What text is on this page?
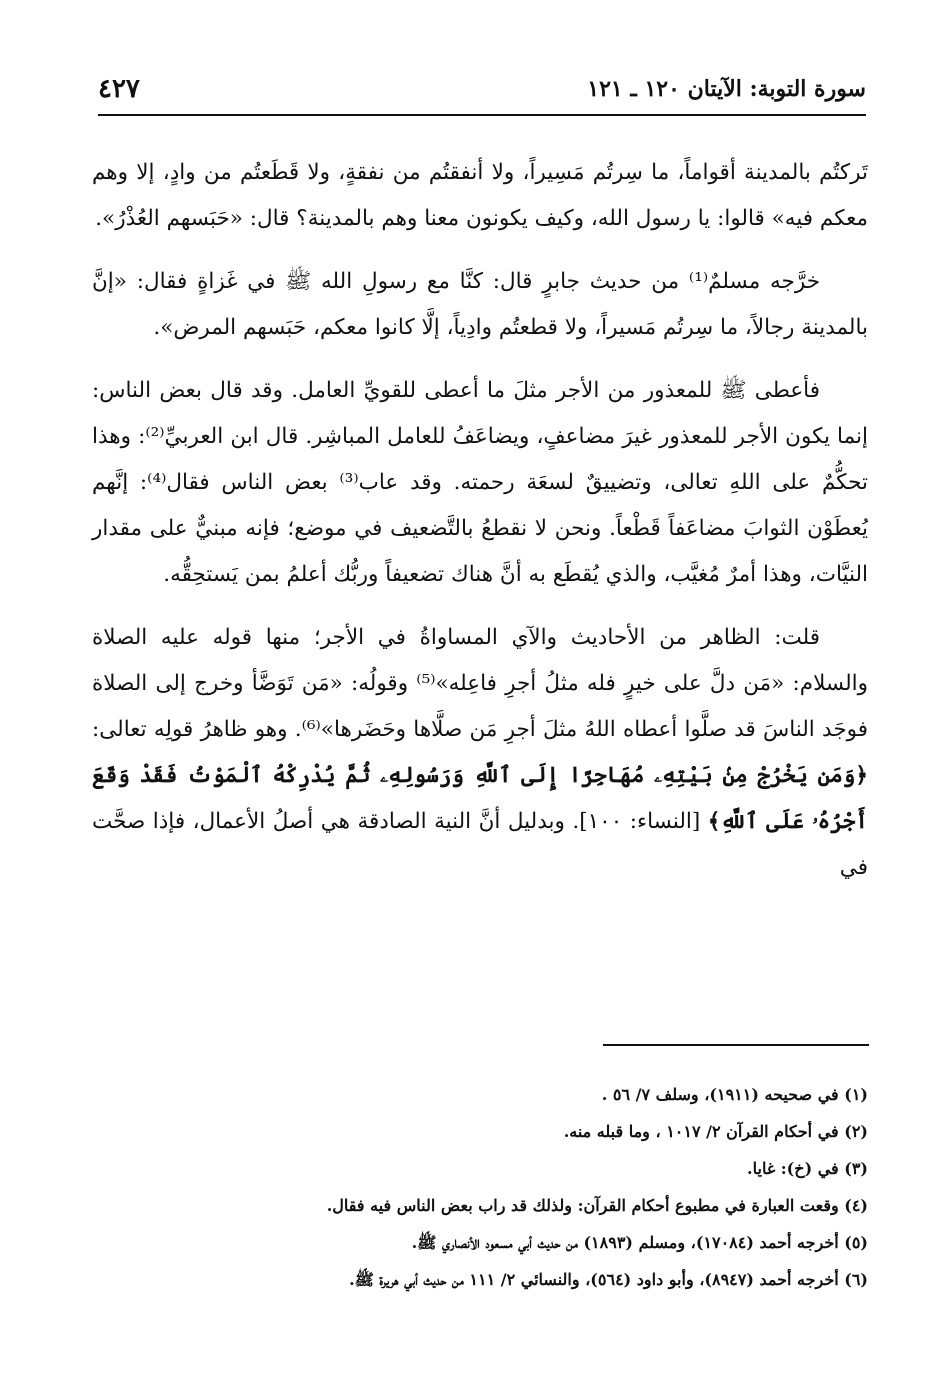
سورة التوبة: الآيتان ١٢٠ ـ ١٢١
٤٢٧

تَركتُم بالمدينة أقواماً، ما سِرتُم مَسِيراً، ولا أنفقتُم من نفقةٍ، ولا قَطَعتُم من وادٍ، إلا وهم معكم فيه» قالوا: يا رسول الله، وكيف يكونون معنا وهم بالمدينة؟ قال: «حَبَسهم العُذْرُ».

خرَّجه مسلمٌ⁽¹⁾ من حديث جابرٍ قال: كنَّا مع رسولِ الله ﷺ في غَزاةٍ فقال: «إنَّ بالمدينة رجالاً، ما سِرتُم مَسيراً، ولا قطعتُم وادِياً، إلَّا كانوا معكم، حَبَسهم المرض».

فأعطى ﷺ للمعذور من الأجر مثلَ ما أعطى للقويِّ العامل. وقد قال بعض الناس: إنما يكون الأجر للمعذور غيرَ مضاعفٍ، ويضاعَفُ للعامل المباشِر. قال ابن العربيِّ⁽²⁾: وهذا تحكُّمٌ على اللهِ تعالى، وتضييقٌ لسعَة رحمته. وقد عاب⁽³⁾ بعض الناس فقال⁽⁴⁾: إنَّهم يُعطَوْن الثوابَ مضاعَفاً قَطْعاً. ونحن لا نقطعُ بالتَّضعيف في موضع؛ فإنه مبنيٌّ على مقدار النيَّات، وهذا أمرٌ مُغيَّب، والذي يُقطَع به أنَّ هناك تضعيفاً وربُّك أعلمُ بمن يَستحِقُّه.

قلت: الظاهر من الأحاديث والآي المساواةُ في الأجر؛ منها قوله عليه الصلاة والسلام: «مَن دلَّ على خيرٍ فله مثلُ أجرِ فاعِله»⁽⁵⁾ وقولُه: «مَن تَوَضَّأ وخرج إلى الصلاة فوجَد الناسَ قد صلَّوا أعطاه اللهُ مثلَ أجرِ مَن صلَّاها وحَضَرها»⁽⁶⁾. وهو ظاهرُ قولِه تعالى: ﴿وَمَن يَخْرُجْ مِنۢ بَيْتِهِۦ مُهَاجِرًا إِلَى ٱللَّهِ وَرَسُولِهِۦ ثُمَّ يُدْرِكْهُ ٱلْمَوْتُ فَقَدْ وَقَعَ أَجْرُهُۥ عَلَى ٱللَّهِ﴾ [النساء: ١٠٠]. وبدليل أنَّ النية الصادقة هي أصلُ الأعمال، فإذا صحَّت في

(١) في صحيحه (١٩١١)، وسلف ٧/ ٥٦ .
(٢) في أحكام القرآن ٢/ ١٠١٧ ، وما قبله منه.
(٣) في (خ): غايا.
(٤) وقعت العبارة في مطبوع أحكام القرآن: ولذلك قد راب بعض الناس فيه فقال.
(٥) أخرجه أحمد (١٧٠٨٤)، ومسلم (١٨٩٣) من حديث أبي مسعود الأنصاري ﷺ.
(٦) أخرجه أحمد (٨٩٤٧)، وأبو داود (٥٦٤)، والنسائي ٢/ ١١١ من حديث أبي هريرة ﷺ.
